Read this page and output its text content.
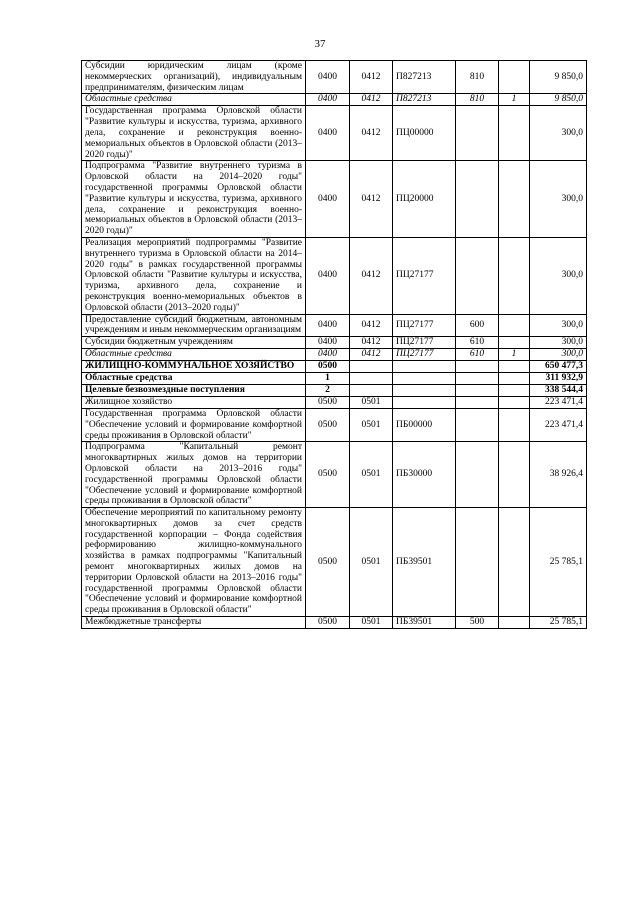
37
Субсидии юридическим лицам (кроме некоммерческих организаций), индивидуальным предпринимателям, физическим лицам	0400	0412	П827213	810		9 850,0
Областные средства	0400	0412	П827213	810	1	9 850,0
Государственная программа Орловской области "Развитие культуры и искусства, туризма, архивного дела, сохранение и реконструкция военно-мемориальных объектов в Орловской области (2013–2020 годы)"	0400	0412	ПЦ00000			300,0
Подпрограмма "Развитие внутреннего туризма в Орловской области на 2014–2020 годы" государственной программы Орловской области "Развитие культуры и искусства, туризма, архивного дела, сохранение и реконструкция военно-мемориальных объектов в Орловской области (2013–2020 годы)"	0400	0412	ПЦ20000			300,0
Реализация мероприятий подпрограммы "Развитие внутреннего туризма в Орловской области на 2014–2020 годы" в рамках государственной программы Орловской области "Развитие культуры и искусства, туризма, архивного дела, сохранение и реконструкция военно-мемориальных объектов в Орловской области (2013–2020 годы)"	0400	0412	ПЦ27177			300,0
Предоставление субсидий бюджетным, автономным учреждениям и иным некоммерческим организациям	0400	0412	ПЦ27177	600		300,0
Субсидии бюджетным учреждениям	0400	0412	ПЦ27177	610		300,0
Областные средства	0400	0412	ПЦ27177	610	1	300,0
ЖИЛИЩНО-КОММУНАЛЬНОЕ ХОЗЯЙСТВО	0500					650 477,3
Областные средства	1					311 932,9
Целевые безвозмездные поступления	2					338 544,4
Жилищное хозяйство	0500	0501				223 471,4
Государственная программа Орловской области "Обеспечение условий и формирование комфортной среды проживания в Орловской области"	0500	0501	ПБ00000			223 471,4
Подпрограмма "Капитальный ремонт многоквартирных жилых домов на территории Орловской области на 2013–2016 годы" государственной программы Орловской области "Обеспечение условий и формирование комфортной среды проживания в Орловской области"	0500	0501	ПБ30000			38 926,4
Обеспечение мероприятий по капитальному ремонту многоквартирных домов за счет средств государственной корпорации – Фонда содействия реформированию жилищно-коммунального хозяйства в рамках подпрограммы "Капитальный ремонт многоквартирных жилых домов на территории Орловской области на 2013–2016 годы" государственной программы Орловской области "Обеспечение условий и формирование комфортной среды проживания в Орловской области"	0500	0501	ПБ39501			25 785,1
Межбюджетные трансферты	0500	0501	ПБ39501	500		25 785,1
